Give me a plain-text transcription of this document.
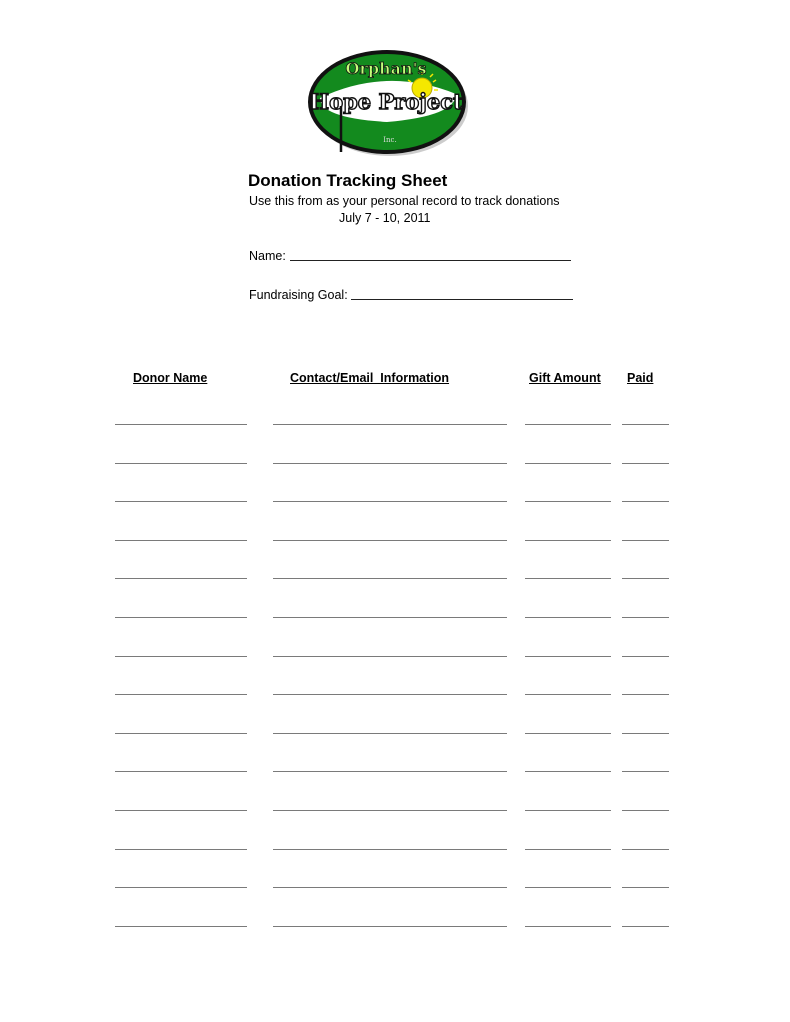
Orphan's
Hope Project
Inc.
Donation Tracking Sheet
Use this from as your personal record to track donations
July 7 - 10, 2011
Name:
Fundraising Goal:
Donor Name	Contact/Email  Information	Gift Amount Paid
